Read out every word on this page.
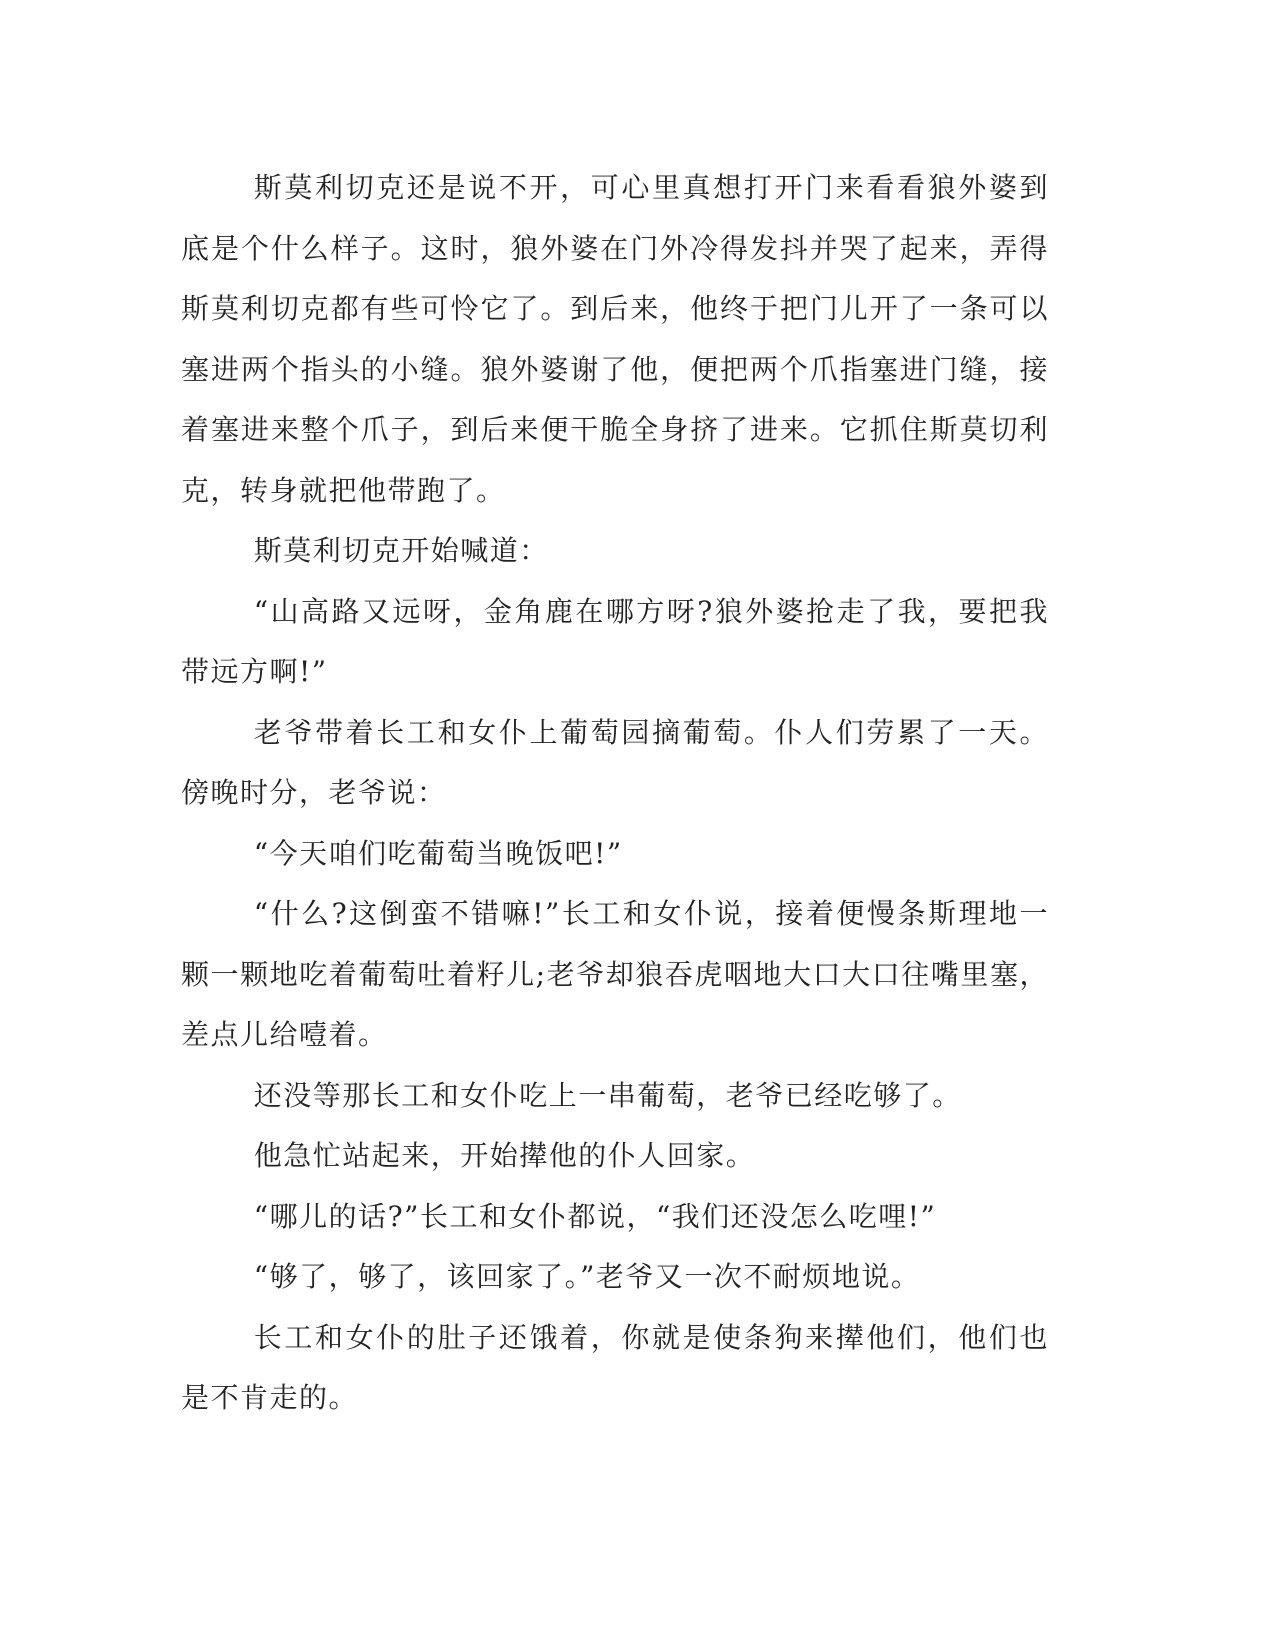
斯莫利切克还是说不开，可心里真想打开门来看看狼外婆到底是个什么样子。这时，狼外婆在门外冷得发抖并哭了起来，弄得斯莫利切克都有些可怜它了。到后来，他终于把门儿开了一条可以塞进两个指头的小缝。狼外婆谢了他，便把两个爪指塞进门缝，接着塞进来整个爪子，到后来便干脆全身挤了进来。它抓住斯莫切利克，转身就把他带跑了。

斯莫利切克开始喊道：

“山高路又远呀，金角鹿在哪方呀?狼外婆抢走了我，要把我带远方啊!”

老爷带着长工和女仆上葡萄园摘葡萄。仆人们劳累了一天。傍晚时分，老爷说：

“今天咱们吃葡萄当晚饭吧!”

“什么?这倒蛮不错嘛!”长工和女仆说，接着便慢条斯理地一颗一颗地吃着葡萄吐着籽儿;老爷却狼吞虎咽地大口大口往嘴里塞，差点儿给噎着。

还没等那长工和女仆吃上一串葡萄，老爷已经吃够了。

他急忙站起来，开始撵他的仆人回家。

“哪儿的话?”长工和女仆都说，“我们还没怎么吃哩!”

“够了，够了，该回家了。”老爷又一次不耐烦地说。

长工和女仆的肚子还饿着，你就是使条狗来撵他们，他们也是不肯走的。
